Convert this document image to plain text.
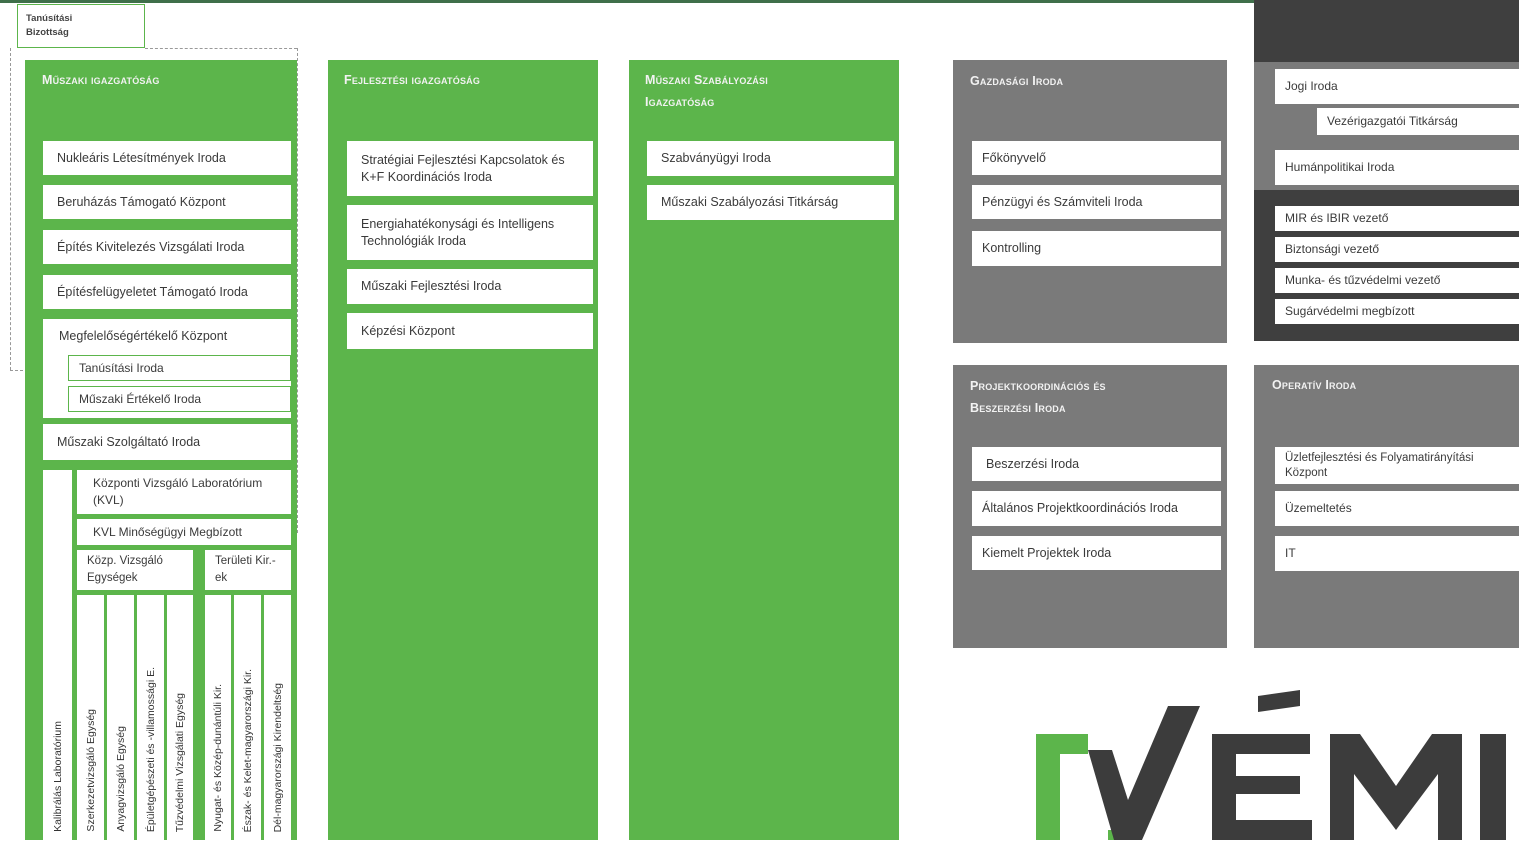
Tanúsítási Bizottság
Műszaki igazgatóság
Nukleáris Létesítmények Iroda
Beruházás Támogató Központ
Építés Kivitelezés Vizsgálati Iroda
Építésfelügyeletet Támogató Iroda
Megfelelőségértékelő Központ
Tanúsítási Iroda
Műszaki Értékelő Iroda
Műszaki Szolgáltató Iroda
Kalibrálás Laboratórium
Központi Vizsgáló Laboratórium (KVL)
KVL Minőségügyi Megbízott
Közp. Vizsgáló Egységek
Területi Kir.-ek
Szerkezetvizsgáló Egység Anyagvizsgáló Egység Épületgépészeti és -villamossági E. Tűzvédelmi Vizsgálati Egység Nyugat- és Közép-dunántúli Kir. Észak- és Kelet-magyarországi Kir. Dél-magyarországi Kirendeltség
Fejlesztési igazgatóság
Stratégiai Fejlesztési Kapcsolatok és K+F Koordinációs Iroda
Energiahatékonysági és Intelligens Technológiák Iroda
Műszaki Fejlesztési Iroda
Képzési Központ
Műszaki Szabályozási Igazgatóság
Szabványügyi Iroda
Műszaki Szabályozási Titkárság
Gazdasági Iroda
Főkönyvelő
Pénzügyi és Számviteli Iroda
Kontrolling
Projektkoordinációs és Beszerzési Iroda
Beszerzési Iroda
Általános Projektkoordinációs Iroda
Kiemelt Projektek Iroda
Jogi Iroda
Vezérigazgatói Titkárság
Humánpolitikai Iroda
MIR és IBIR vezető
Biztonsági vezető
Munka- és tűzvédelmi vezető
Sugárvédelmi megbízott
Operatív Iroda
Üzletfejlesztési és Folyamatirányítási Központ
Üzemeltetés
IT
